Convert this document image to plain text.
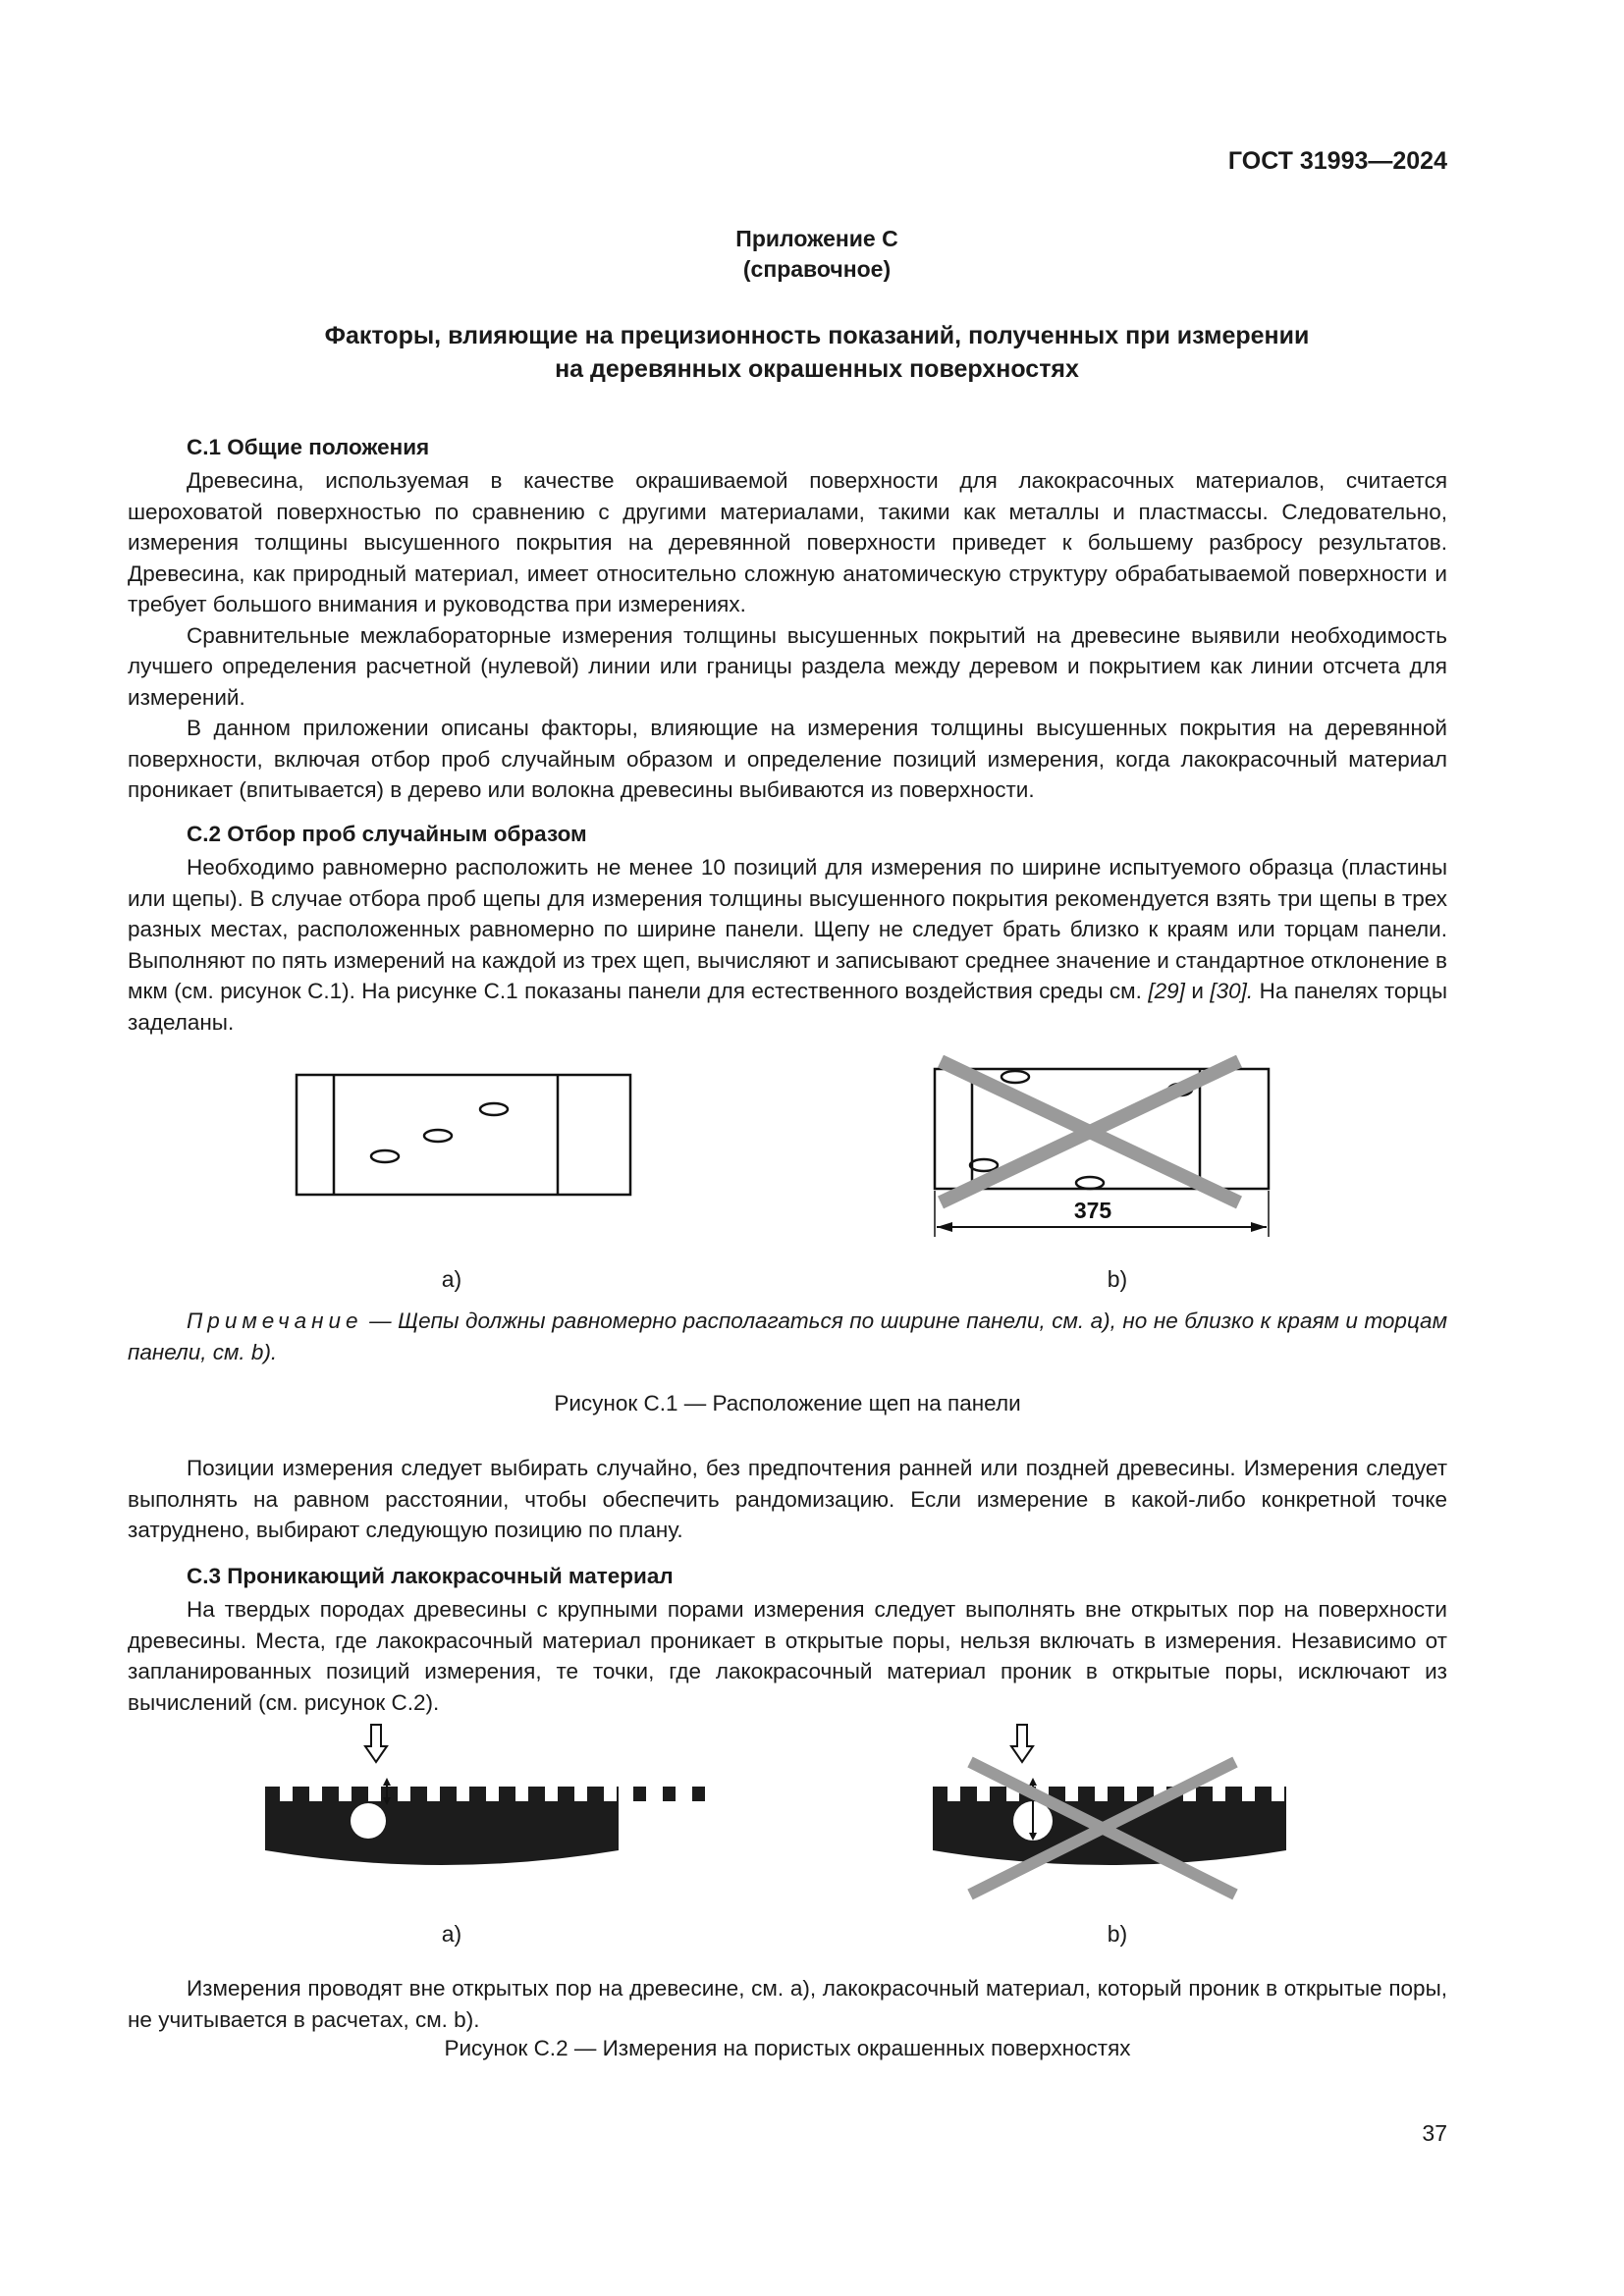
ГОСТ 31993—2024
Приложение С
(справочное)
Факторы, влияющие на прецизионность показаний, полученных при измерении
на деревянных окрашенных поверхностях
С.1 Общие положения

Древесина, используемая в качестве окрашиваемой поверхности для лакокрасочных материалов, считается шероховатой поверхностью по сравнению с другими материалами, такими как металлы и пластмассы. Следовательно, измерения толщины высушенного покрытия на деревянной поверхности приведет к большему разбросу результатов. Древесина, как природный материал, имеет относительно сложную анатомическую структуру обрабатываемой поверхности и требует большого внимания и руководства при измерениях.

Сравнительные межлабораторные измерения толщины высушенных покрытий на древесине выявили необходимость лучшего определения расчетной (нулевой) линии или границы раздела между деревом и покрытием как линии отсчета для измерений.

В данном приложении описаны факторы, влияющие на измерения толщины высушенных покрытия на деревянной поверхности, включая отбор проб случайным образом и определение позиций измерения, когда лакокрасочный материал проникает (впитывается) в дерево или волокна древесины выбиваются из поверхности.

С.2 Отбор проб случайным образом

Необходимо равномерно расположить не менее 10 позиций для измерения по ширине испытуемого образца (пластины или щепы). В случае отбора проб щепы для измерения толщины высушенного покрытия рекомендуется взять три щепы в трех разных местах, расположенных равномерно по ширине панели. Щепу не следует брать близко к краям или торцам панели. Выполняют по пять измерений на каждой из трех щеп, вычисляют и записывают среднее значение и стандартное отклонение в мкм (см. рисунок С.1). На рисунке С.1 показаны панели для естественного воздействия среды см. [29] и [30]. На панелях торцы заделаны.

375
а)	b)
Примечание — Щепы должны равномерно располагаться по ширине панели, см. а), но не близко к краям и торцам панели, см. b).
Рисунок С.1 — Расположение щеп на панели

Позиции измерения следует выбирать случайно, без предпочтения ранней или поздней древесины. Измерения следует выполнять на равном расстоянии, чтобы обеспечить рандомизацию. Если измерение в какой-либо конкретной точке затруднено, выбирают следующую позицию по плану.

С.3 Проникающий лакокрасочный материал

На твердых породах древесины с крупными порами измерения следует выполнять вне открытых пор на поверхности древесины. Места, где лакокрасочный материал проникает в открытые поры, нельзя включать в измерения. Независимо от запланированных позиций измерения, те точки, где лакокрасочный материал проник в открытые поры, исключают из вычислений (см. рисунок С.2).

а)	b)

Измерения проводят вне открытых пор на древесине, см. а), лакокрасочный материал, который проник в открытые поры, не учитывается в расчетах, см. b).

Рисунок С.2 — Измерения на пористых окрашенных поверхностях
37
